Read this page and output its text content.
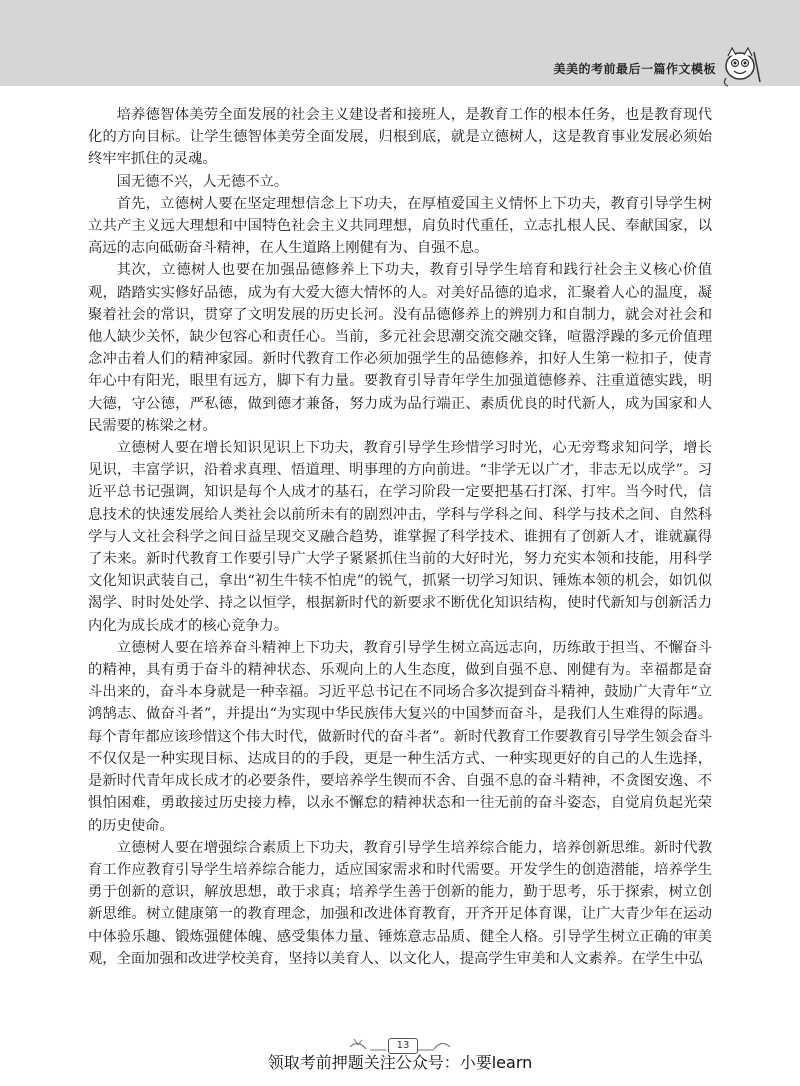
美美的考前最后一篇作文模板

培养德智体美劳全面发展的社会主义建设者和接班人，是教育工作的根本任务，也是教育现代化的方向目标。让学生德智体美劳全面发展，归根到底，就是立德树人，这是教育事业发展必须始终牢牢抓住的灵魂。

国无德不兴，人无德不立。

首先，立德树人要在坚定理想信念上下功夫，在厚植爱国主义情怀上下功夫，教育引导学生树立共产主义远大理想和中国特色社会主义共同理想，肩负时代重任，立志扎根人民、奉献国家，以高远的志向砥砺奋斗精神，在人生道路上刚健有为、自强不息。

其次，立德树人也要在加强品德修养上下功夫，教育引导学生培育和践行社会主义核心价值观，踏踏实实修好品德，成为有大爱大德大情怀的人。对美好品德的追求，汇聚着人心的温度，凝聚着社会的常识，贯穿了文明发展的历史长河。没有品德修养上的辨别力和自制力，就会对社会和他人缺少关怀，缺少包容心和责任心。当前，多元社会思潮交流交融交锋，喧嚣浮躁的多元价值理念冲击着人们的精神家园。新时代教育工作必须加强学生的品德修养，扣好人生第一粒扣子，使青年心中有阳光，眼里有远方，脚下有力量。要教育引导青年学生加强道德修养、注重道德实践，明大德，守公德，严私德，做到德才兼备，努力成为品行端正、素质优良的时代新人，成为国家和人民需要的栋梁之材。

立德树人要在增长知识见识上下功夫，教育引导学生珍惜学习时光，心无旁骛求知问学，增长见识，丰富学识，沿着求真理、悟道理、明事理的方向前进。“非学无以广才，非志无以成学”。习近平总书记强调，知识是每个人成才的基石，在学习阶段一定要把基石打深、打牢。当今时代，信息技术的快速发展给人类社会以前所未有的剧烈冲击，学科与学科之间、科学与技术之间、自然科学与人文社会科学之间日益呈现交叉融合趋势，谁掌握了科学技术、谁拥有了创新人才，谁就赢得了未来。新时代教育工作要引导广大学子紧紧抓住当前的大好时光，努力充实本领和技能，用科学文化知识武装自己，拿出“初生牛犊不怕虎”的锐气，抓紧一切学习知识、锤炼本领的机会，如饥似渴学、时时处处学、持之以恒学，根据新时代的新要求不断优化知识结构，使时代新知与创新活力内化为成长成才的核心竞争力。

立德树人要在培养奋斗精神上下功夫，教育引导学生树立高远志向，历练敢于担当、不懈奋斗的精神，具有勇于奋斗的精神状态、乐观向上的人生态度，做到自强不息、刚健有为。幸福都是奋斗出来的，奋斗本身就是一种幸福。习近平总书记在不同场合多次提到奋斗精神，鼓励广大青年“立鸿鹄志、做奋斗者”，并提出“为实现中华民族伟大复兴的中国梦而奋斗，是我们人生难得的际遇。每个青年都应该珍惜这个伟大时代，做新时代的奋斗者”。新时代教育工作要教育引导学生领会奋斗不仅仅是一种实现目标、达成目的的手段，更是一种生活方式、一种实现更好的自己的人生选择，是新时代青年成长成才的必要条件，要培养学生锲而不舍、自强不息的奋斗精神，不贪图安逸、不惧怕困难，勇敢接过历史接力棒，以永不懈怠的精神状态和一往无前的奋斗姿态，自觉肩负起光荣的历史使命。

立德树人要在增强综合素质上下功夫，教育引导学生培养综合能力，培养创新思维。新时代教育工作应教育引导学生培养综合能力，适应国家需求和时代需要。开发学生的创造潜能，培养学生勇于创新的意识，解放思想，敢于求真；培养学生善于创新的能力，勤于思考，乐于探索，树立创新思维。树立健康第一的教育理念，加强和改进体育教育，开齐开足体育课，让广大青少年在运动中体验乐趣、锻炼强健体魄、感受集体力量、锤炼意志品质、健全人格。引导学生树立正确的审美观，全面加强和改进学校美育，坚持以美育人、以文化人，提高学生审美和人文素养。在学生中弘

13
领取考前押题关注公众号：小要learn
